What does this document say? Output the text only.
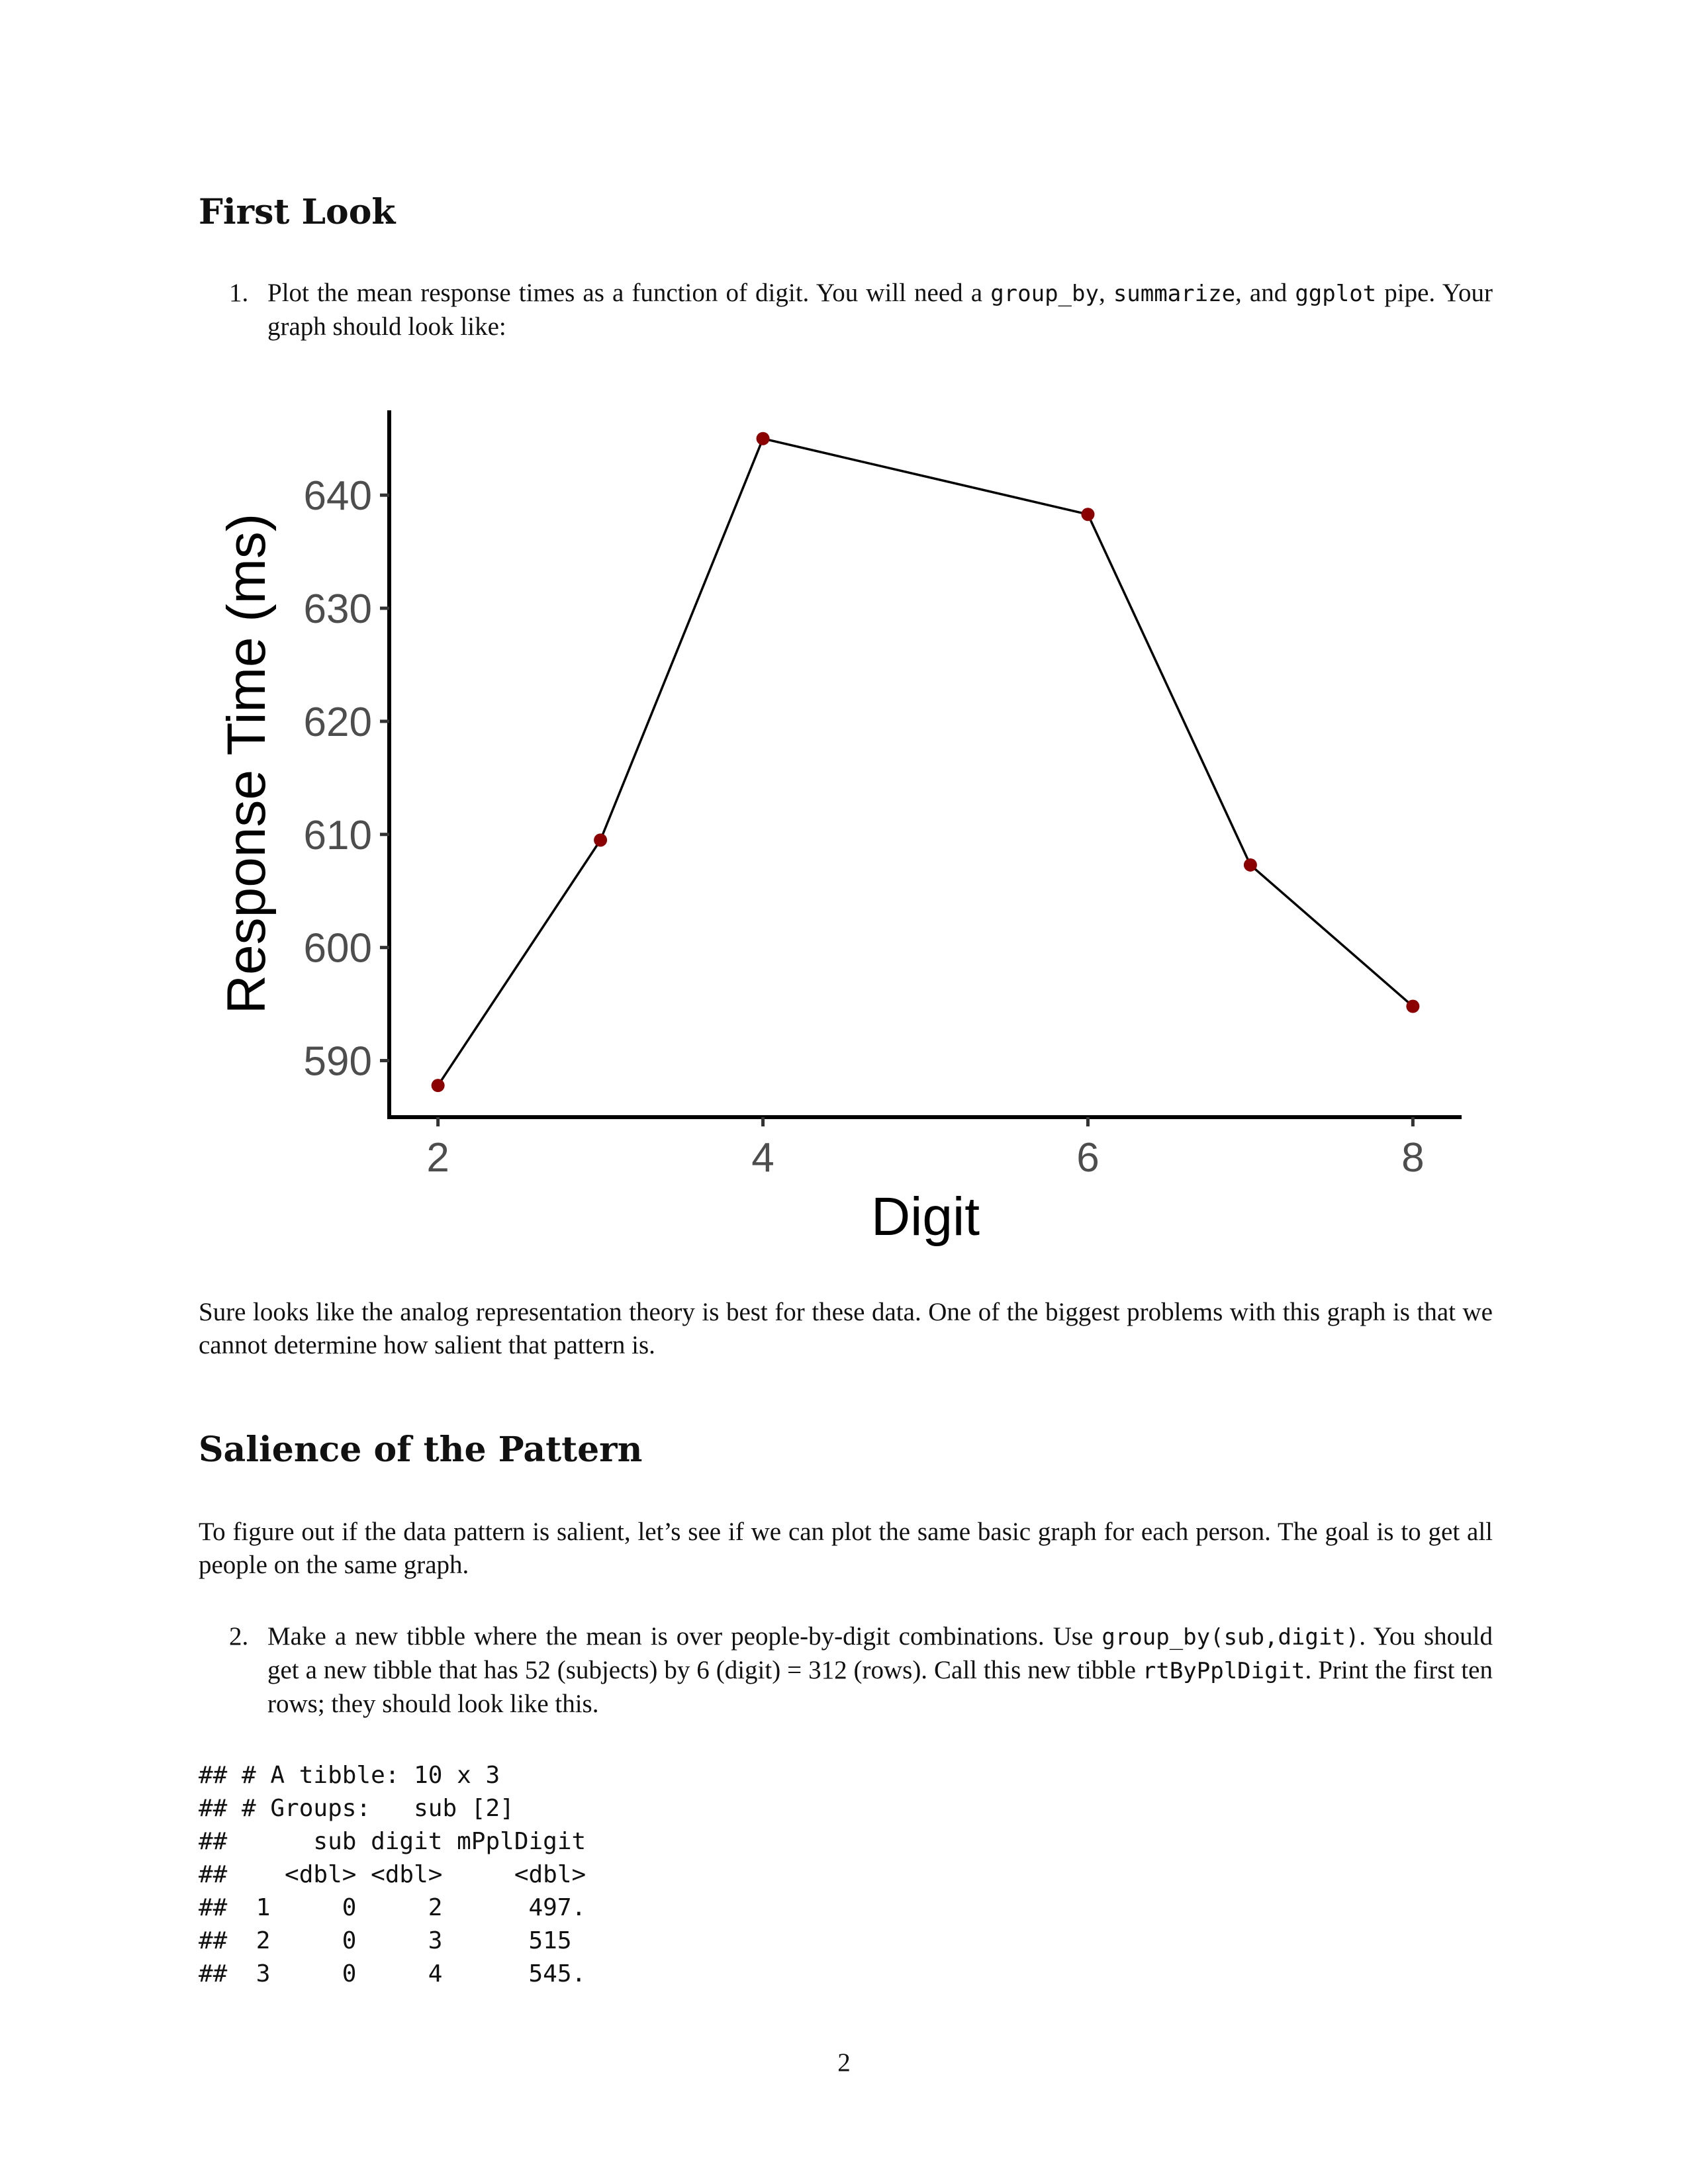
First Look
1. Plot the mean response times as a function of digit. You will need a group_by, summarize, and ggplot pipe. Your graph should look like:
590
600
610
620
630
640
2	4	6	8
Digit
Response Time (ms)

Sure looks like the analog representation theory is best for these data. One of the biggest problems with this graph is that we cannot determine how salient that pattern is.

Salience of the Pattern

To figure out if the data pattern is salient, let’s see if we can plot the same basic graph for each person. The goal is to get all people on the same graph.

2. Make a new tibble where the mean is over people-by-digit combinations. Use group_by(sub,digit). You should get a new tibble that has 52 (subjects) by 6 (digit) = 312 (rows). Call this new tibble rtByPplDigit. Print the first ten rows; they should look like this.
## # A tibble: 10 x 3
## # Groups:   sub [2]
##      sub digit mPplDigit
##    <dbl> <dbl>     <dbl>
##  1     0     2      497.
##  2     0     3      515
##  3     0     4      545.
2
